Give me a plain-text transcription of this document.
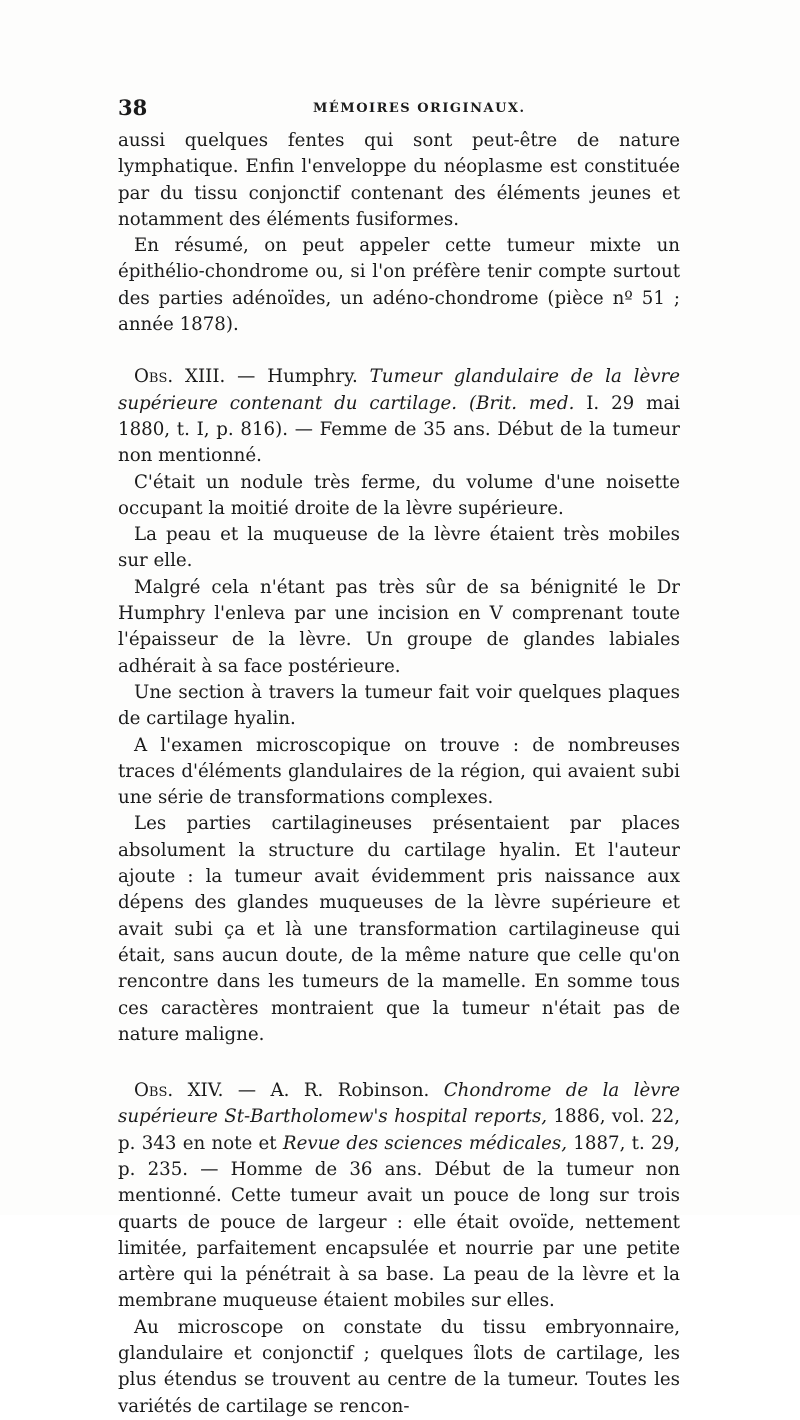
38	MÉMOIRES ORIGINAUX.

aussi quelques fentes qui sont peut-être de nature lymphatique. Enfin l'enveloppe du néoplasme est constituée par du tissu conjonctif contenant des éléments jeunes et notamment des éléments fusiformes.

En résumé, on peut appeler cette tumeur mixte un épithélio-chondrome ou, si l'on préfère tenir compte surtout des parties adénoïdes, un adéno-chondrome (pièce nº 51 ; année 1878).

Obs. XIII. — Humphry. Tumeur glandulaire de la lèvre supérieure contenant du cartilage. (Brit. med. I. 29 mai 1880, t. I, p. 816). — Femme de 35 ans. Début de la tumeur non mentionné.

C'était un nodule très ferme, du volume d'une noisette occupant la moitié droite de la lèvre supérieure.

La peau et la muqueuse de la lèvre étaient très mobiles sur elle.

Malgré cela n'étant pas très sûr de sa bénignité le Dr Humphry l'enleva par une incision en V comprenant toute l'épaisseur de la lèvre. Un groupe de glandes labiales adhérait à sa face postérieure.

Une section à travers la tumeur fait voir quelques plaques de cartilage hyalin.

A l'examen microscopique on trouve : de nombreuses traces d'éléments glandulaires de la région, qui avaient subi une série de transformations complexes.

Les parties cartilagineuses présentaient par places absolument la structure du cartilage hyalin. Et l'auteur ajoute : la tumeur avait évidemment pris naissance aux dépens des glandes muqueuses de la lèvre supérieure et avait subi ça et là une transformation cartilagineuse qui était, sans aucun doute, de la même nature que celle qu'on rencontre dans les tumeurs de la mamelle. En somme tous ces caractères montraient que la tumeur n'était pas de nature maligne.

Obs. XIV. — A. R. Robinson. Chondrome de la lèvre supérieure St-Bartholomew's hospital reports, 1886, vol. 22, p. 343 en note et Revue des sciences médicales, 1887, t. 29, p. 235. — Homme de 36 ans. Début de la tumeur non mentionné. Cette tumeur avait un pouce de long sur trois quarts de pouce de largeur : elle était ovoïde, nettement limitée, parfaitement encapsulée et nourrie par une petite artère qui la pénétrait à sa base. La peau de la lèvre et la membrane muqueuse étaient mobiles sur elles.

Au microscope on constate du tissu embryonnaire, glandulaire et conjonctif ; quelques îlots de cartilage, les plus étendus se trouvent au centre de la tumeur. Toutes les variétés de cartilage se rencon-
